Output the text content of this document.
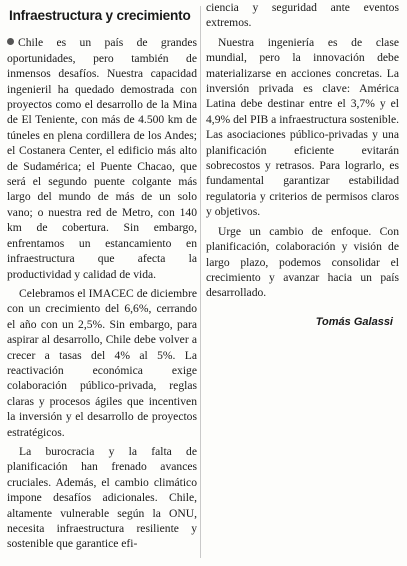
Infraestructura y crecimiento

Chile es un país de grandes oportunidades, pero también de inmensos desafíos. Nuestra capacidad ingenieril ha quedado demostrada con proyectos como el desarrollo de la Mina de El Teniente, con más de 4.500 km de túneles en plena cordillera de los Andes; el Costanera Center, el edificio más alto de Sudamérica; el Puente Chacao, que será el segundo puente colgante más largo del mundo de más de un solo vano; o nuestra red de Metro, con 140 km de cobertura. Sin embargo, enfrentamos un estancamiento en infraestructura que afecta la productividad y calidad de vida.

Celebramos el IMACEC de diciembre con un crecimiento del 6,6%, cerrando el año con un 2,5%. Sin embargo, para aspirar al desarrollo, Chile debe volver a crecer a tasas del 4% al 5%. La reactivación económica exige colaboración público-privada, reglas claras y procesos ágiles que incentiven la inversión y el desarrollo de proyectos estratégicos.

La burocracia y la falta de planificación han frenado avances cruciales. Además, el cambio climático impone desafíos adicionales. Chile, altamente vulnerable según la ONU, necesita infraestructura resiliente y sostenible que garantice efi-

ciencia y seguridad ante eventos extremos.

Nuestra ingeniería es de clase mundial, pero la innovación debe materializarse en acciones concretas. La inversión privada es clave: América Latina debe destinar entre el 3,7% y el 4,9% del PIB a infraestructura sostenible. Las asociaciones público-privadas y una planificación eficiente evitarán sobrecostos y retrasos. Para lograrlo, es fundamental garantizar estabilidad regulatoria y criterios de permisos claros y objetivos.

Urge un cambio de enfoque. Con planificación, colaboración y visión de largo plazo, podemos consolidar el crecimiento y avanzar hacia un país desarrollado.

Tomás Galassi
